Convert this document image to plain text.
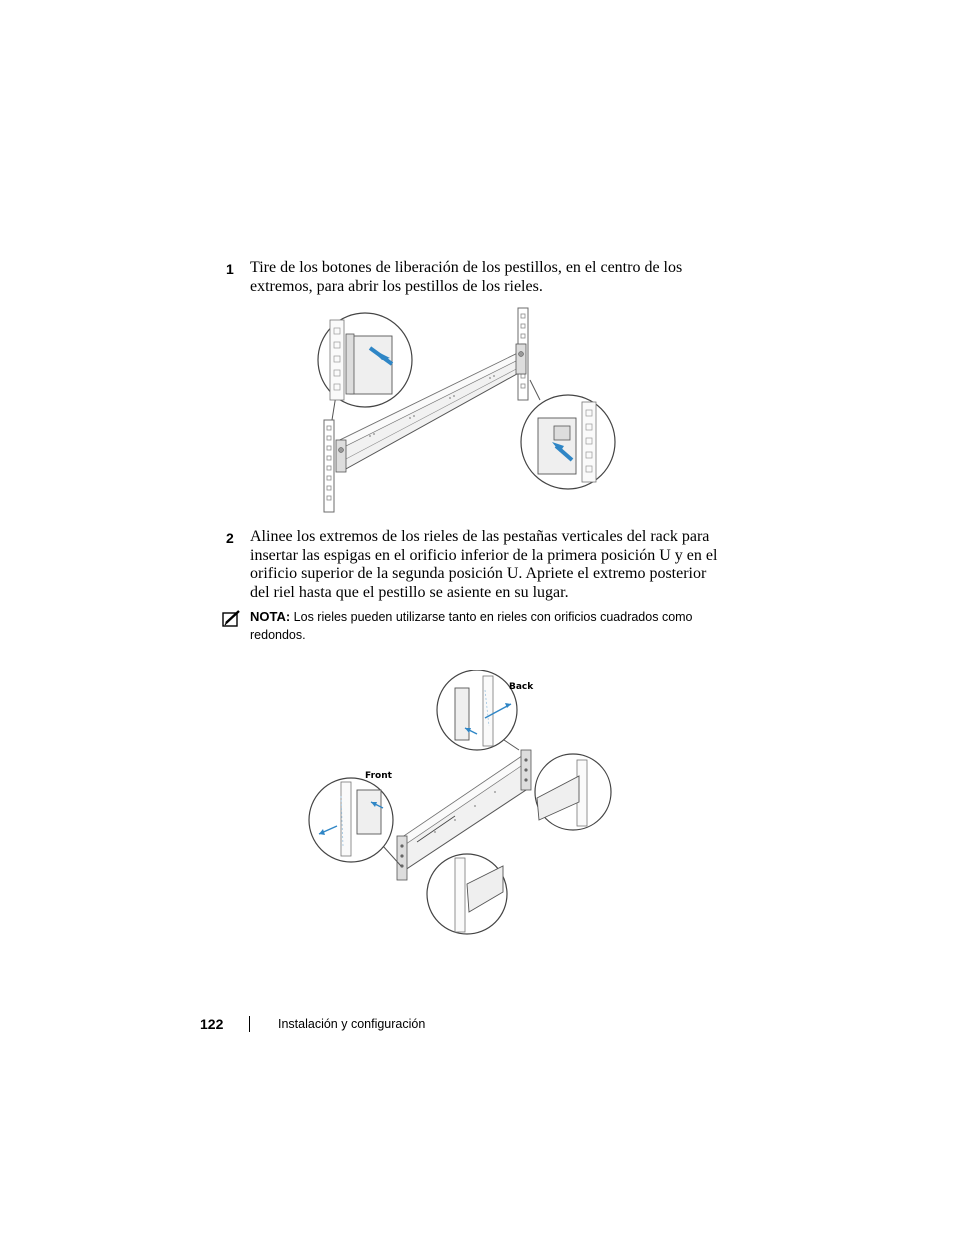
1 Tire de los botones de liberación de los pestillos, en el centro de los extremos, para abrir los pestillos de los rieles.
2 Alinee los extremos de los rieles de las pestañas verticales del rack para insertar las espigas en el orificio inferior de la primera posición U y en el orificio superior de la segunda posición U. Apriete el extremo posterior del riel hasta que el pestillo se asiente en su lugar.
NOTA: Los rieles pueden utilizarse tanto en rieles con orificios cuadrados como redondos.
Back
Front
122	Instalación y configuración
